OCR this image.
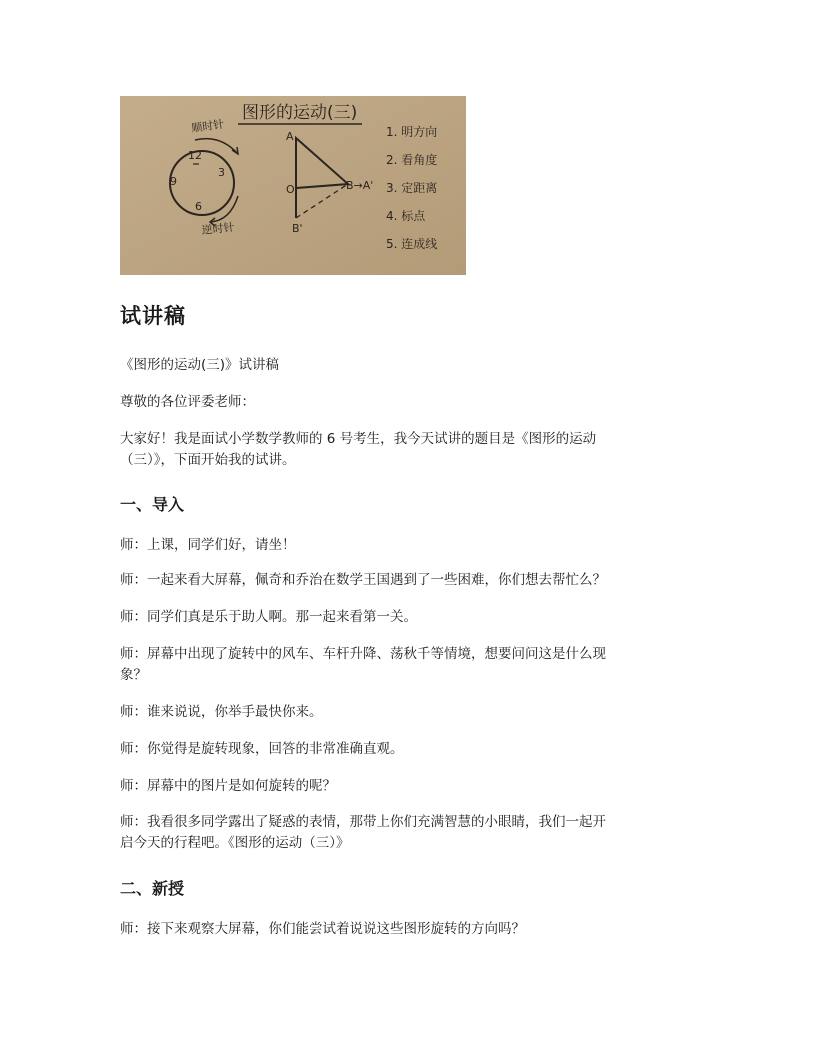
图形的运动(三)
顺时针
12
3
6
9
逆时针
A
O	B→A'
B'
1. 明方向
2. 看角度
3. 定距离
4. 标点
5. 连成线
试讲稿

《图形的运动(三)》试讲稿

尊敬的各位评委老师：

大家好！我是面试小学数学教师的 6 号考生，我今天试讲的题目是《图形的运动

（三）》，下面开始我的试讲。

一、导入

师：上课，同学们好，请坐！

师：一起来看大屏幕，佩奇和乔治在数学王国遇到了一些困难，你们想去帮忙么？

师：同学们真是乐于助人啊。那一起来看第一关。

师：屏幕中出现了旋转中的风车、车杆升降、荡秋千等情境，想要问问这是什么现

象？

师：谁来说说，你举手最快你来。

师：你觉得是旋转现象，回答的非常准确直观。

师：屏幕中的图片是如何旋转的呢？

师：我看很多同学露出了疑惑的表情，那带上你们充满智慧的小眼睛，我们一起开

启今天的行程吧。《图形的运动（三）》

二、新授

师：接下来观察大屏幕，你们能尝试着说说这些图形旋转的方向吗？
